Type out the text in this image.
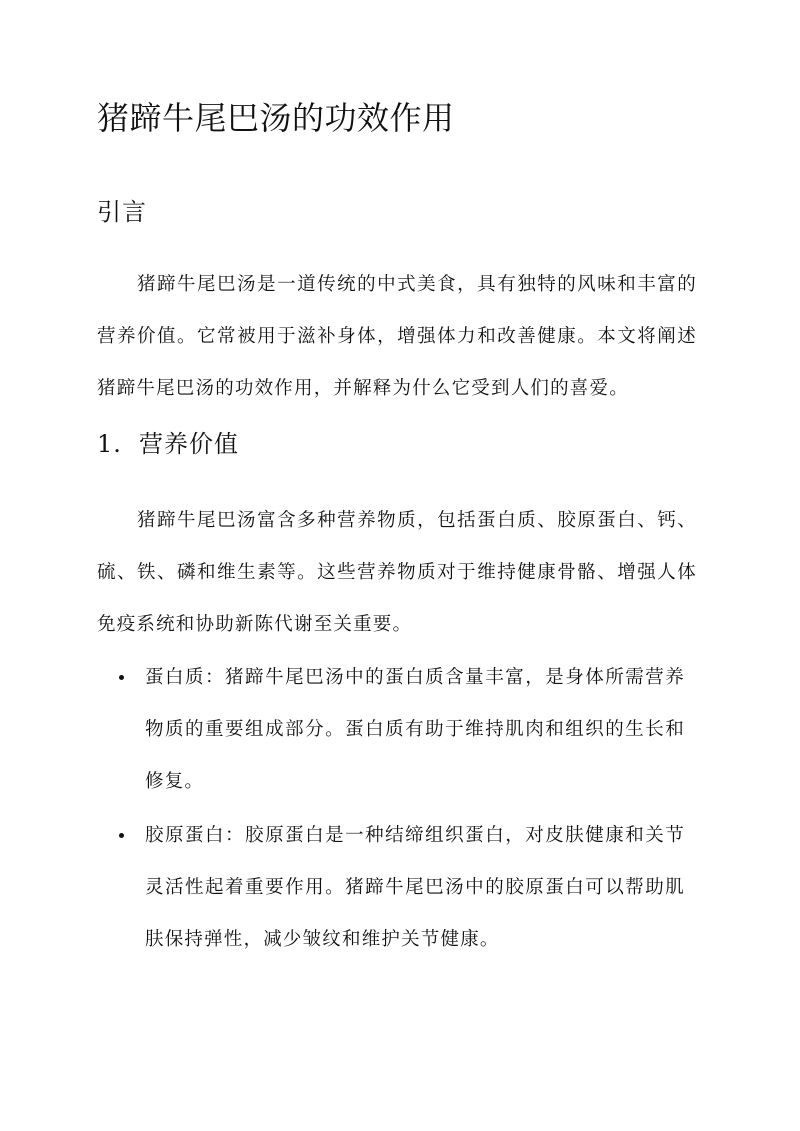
猪蹄牛尾巴汤的功效作用
引言

猪蹄牛尾巴汤是一道传统的中式美食，具有独特的风味和丰富的营养价值。它常被用于滋补身体，增强体力和改善健康。本文将阐述猪蹄牛尾巴汤的功效作用，并解释为什么它受到人们的喜爱。

1. 营养价值

猪蹄牛尾巴汤富含多种营养物质，包括蛋白质、胶原蛋白、钙、硫、铁、磷和维生素等。这些营养物质对于维持健康骨骼、增强人体免疫系统和协助新陈代谢至关重要。

蛋白质：猪蹄牛尾巴汤中的蛋白质含量丰富，是身体所需营养物质的重要组成部分。蛋白质有助于维持肌肉和组织的生长和修复。
胶原蛋白：胶原蛋白是一种结缔组织蛋白，对皮肤健康和关节灵活性起着重要作用。猪蹄牛尾巴汤中的胶原蛋白可以帮助肌肤保持弹性，减少皱纹和维护关节健康。
